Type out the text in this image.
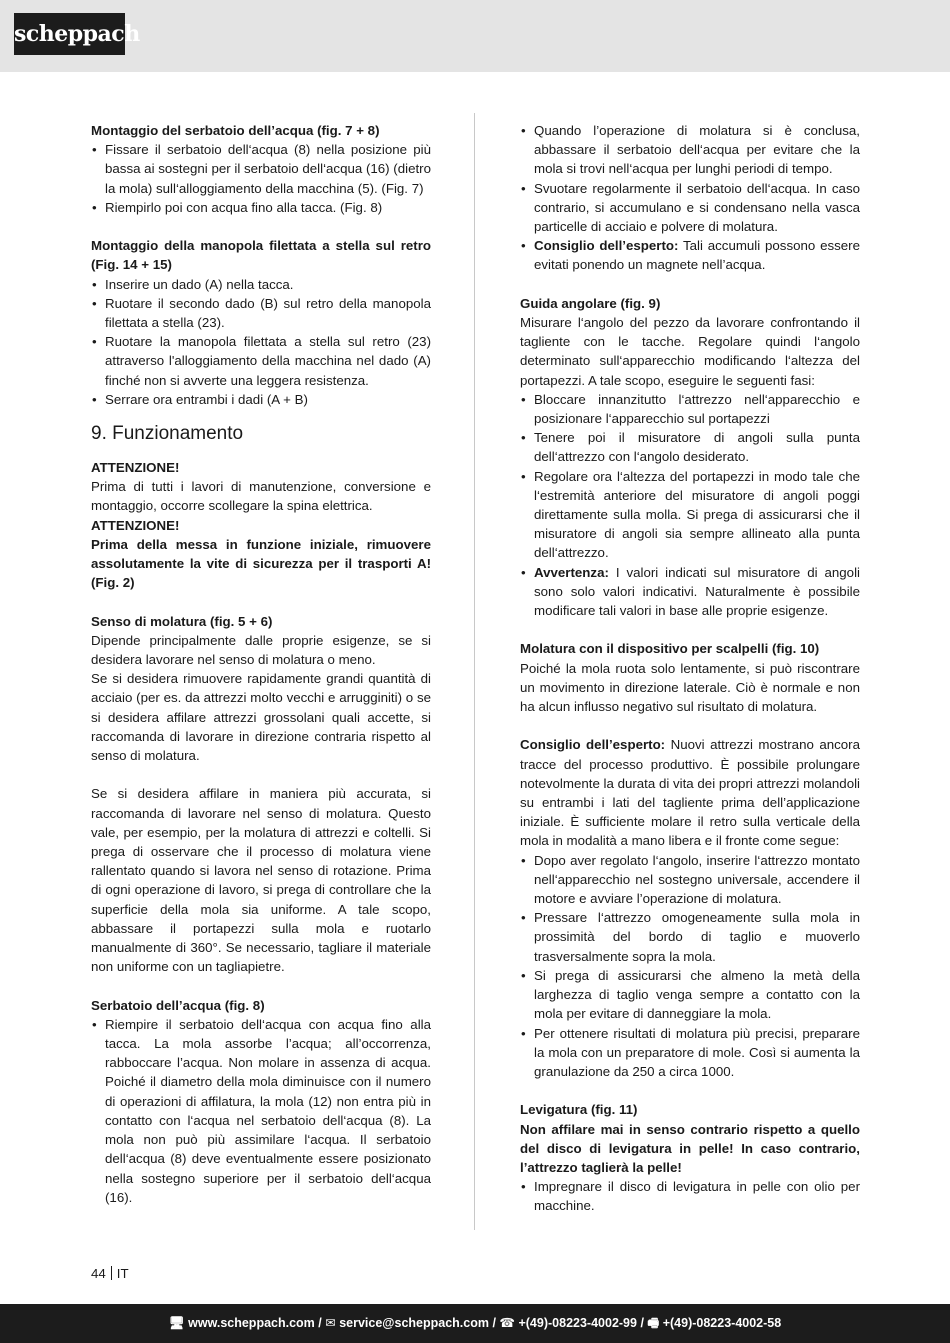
scheppach

Montaggio del serbatoio dell’acqua (fig. 7 + 8)

• Fissare il serbatoio dell‘acqua (8) nella posizione più bassa ai sostegni per il serbatoio dell‘acqua (16) (dietro la mola) sull‘alloggiamento della macchina (5). (Fig. 7)
• Riempirlo poi con acqua fino alla tacca. (Fig. 8)

Montaggio della manopola filettata a stella sul retro (Fig. 14 + 15)

• Inserire un dado (A) nella tacca.
• Ruotare il secondo dado (B) sul retro della manopola filettata a stella (23).
• Ruotare la manopola filettata a stella sul retro (23) attraverso l'alloggiamento della macchina nel dado (A) finché non si avverte una leggera resistenza.
• Serrare ora entrambi i dadi (A + B)
9. Funzionamento

ATTENZIONE!

Prima di tutti i lavori di manutenzione, conversione e montaggio, occorre scollegare la spina elettrica.

ATTENZIONE!

Prima della messa in funzione iniziale, rimuovere assolutamente la vite di sicurezza per il trasporti A! (Fig. 2)

Senso di molatura (fig. 5 + 6)

Dipende principalmente dalle proprie esigenze, se si desidera lavorare nel senso di molatura o meno.

Se si desidera rimuovere rapidamente grandi quantità di acciaio (per es. da attrezzi molto vecchi e arrugginiti) o se si desidera affilare attrezzi grossolani quali accette, si raccomanda di lavorare in direzione contraria rispetto al senso di molatura.

Se si desidera affilare in maniera più accurata, si raccomanda di lavorare nel senso di molatura. Questo vale, per esempio, per la molatura di attrezzi e coltelli. Si prega di osservare che il processo di molatura viene rallentato quando si lavora nel senso di rotazione. Prima di ogni operazione di lavoro, si prega di controllare che la superficie della mola sia uniforme. A tale scopo, abbassare il portapezzi sulla mola e ruotarlo manualmente di 360°. Se necessario, tagliare il materiale non uniforme con un tagliapietre.

Serbatoio dell’acqua (fig. 8)

• Riempire il serbatoio dell‘acqua con acqua fino alla tacca. La mola assorbe l’acqua; all’occorrenza, rabboccare l’acqua. Non molare in assenza di acqua. Poiché il diametro della mola diminuisce con il numero di operazioni di affilatura, la mola (12) non entra più in contatto con l‘acqua nel serbatoio dell‘acqua (8). La mola non può più assimilare l‘acqua. Il serbatoio dell‘acqua (8) deve eventualmente essere posizionato nella sostegno superiore per il serbatoio dell‘acqua (16).
• Quando l’operazione di molatura si è conclusa, abbassare il serbatoio dell‘acqua per evitare che la mola si trovi nell‘acqua per lunghi periodi di tempo.
• Svuotare regolarmente il serbatoio dell‘acqua. In caso contrario, si accumulano e si condensano nella vasca particelle di acciaio e polvere di molatura.
• Consiglio dell’esperto: Tali accumuli possono essere evitati ponendo un magnete nell’acqua.

Guida angolare (fig. 9)

Misurare l‘angolo del pezzo da lavorare confrontando il tagliente con le tacche. Regolare quindi l‘angolo determinato sull‘apparecchio modificando l‘altezza del portapezzi. A tale scopo, eseguire le seguenti fasi:

• Bloccare innanzitutto l‘attrezzo nell‘apparecchio e posizionare l‘apparecchio sul portapezzi
• Tenere poi il misuratore di angoli sulla punta dell‘attrezzo con l‘angolo desiderato.
• Regolare ora l‘altezza del portapezzi in modo tale che l‘estremità anteriore del misuratore di angoli poggi direttamente sulla molla. Si prega di assicurarsi che il misuratore di angoli sia sempre allineato alla punta dell‘attrezzo.
• Avvertenza: I valori indicati sul misuratore di angoli sono solo valori indicativi. Naturalmente è possibile modificare tali valori in base alle proprie esigenze.

Molatura con il dispositivo per scalpelli (fig. 10)

Poiché la mola ruota solo lentamente, si può riscontrare un movimento in direzione laterale. Ciò è normale e non ha alcun influsso negativo sul risultato di molatura.

Consiglio dell’esperto: Nuovi attrezzi mostrano ancora tracce del processo produttivo. È possibile prolungare notevolmente la durata di vita dei propri attrezzi molandoli su entrambi i lati del tagliente prima dell’applicazione iniziale. È sufficiente molare il retro sulla verticale della mola in modalità a mano libera e il fronte come segue:

• Dopo aver regolato l‘angolo, inserire l‘attrezzo montato nell‘apparecchio nel sostegno universale, accendere il motore e avviare l’operazione di molatura.
• Pressare l‘attrezzo omogeneamente sulla mola in prossimità del bordo di taglio e muoverlo trasversalmente sopra la mola.
• Si prega di assicurarsi che almeno la metà della larghezza di taglio venga sempre a contatto con la mola per evitare di danneggiare la mola.
• Per ottenere risultati di molatura più precisi, preparare la mola con un preparatore di mole. Così si aumenta la granulazione da 250 a circa 1000.

Levigatura (fig. 11)

Non affilare mai in senso contrario rispetto a quello del disco di levigatura in pelle! In caso contrario, l’attrezzo taglierà la pelle!

• Impregnare il disco di levigatura in pelle con olio per macchine.
44 IT
🖥 www.scheppach.com / ✉ service@scheppach.com / ☎ +(49)-08223-4002-99 / 🖷 +(49)-08223-4002-58
